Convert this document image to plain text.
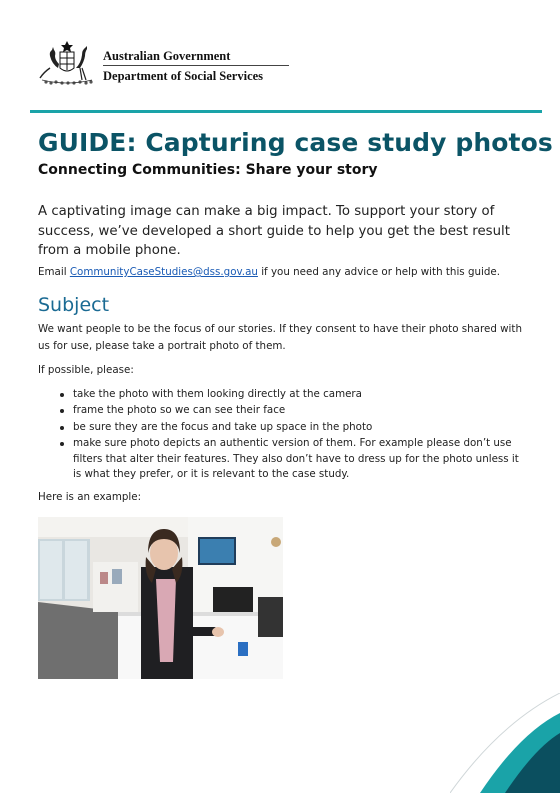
Australian Government
Department of Social Services
GUIDE: Capturing case study photos
Connecting Communities: Share your story
A captivating image can make a big impact. To support your story of success, we’ve developed a short guide to help you get the best result from a mobile phone.
Email CommunityCaseStudies@dss.gov.au if you need any advice or help with this guide.
Subject
We want people to be the focus of our stories. If they consent to have their photo shared with us for use, please take a portrait photo of them.
If possible, please:
take the photo with them looking directly at the camera
frame the photo so we can see their face
be sure they are the focus and take up space in the photo
make sure photo depicts an authentic version of them. For example please don’t use filters that alter their features. They also don’t have to dress up for the photo unless it is what they prefer, or it is relevant to the case study.
Here is an example:
